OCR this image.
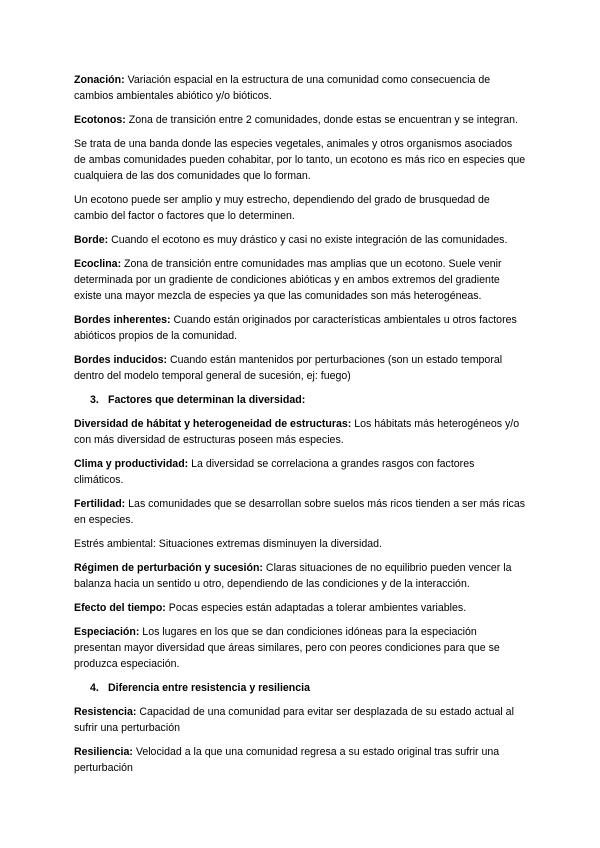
Zonación: Variación espacial en la estructura de una comunidad como consecuencia de cambios ambientales abiótico y/o bióticos.

Ecotonos: Zona de transición entre 2 comunidades, donde estas se encuentran y se integran.

Se trata de una banda donde las especies vegetales, animales y otros organismos asociados de ambas comunidades pueden cohabitar, por lo tanto, un ecotono es más rico en especies que cualquiera de las dos comunidades que lo forman.

Un ecotono puede ser amplio y muy estrecho, dependiendo del grado de brusquedad de cambio del factor o factores que lo determinen.

Borde: Cuando el ecotono es muy drástico y casi no existe integración de las comunidades.

Ecoclina: Zona de transición entre comunidades mas amplias que un ecotono. Suele venir determinada por un gradiente de condiciones abióticas y en ambos extremos del gradiente existe una mayor mezcla de especies ya que las comunidades son más heterogéneas.

Bordes inherentes: Cuando están originados por características ambientales u otros factores abióticos propios de la comunidad.

Bordes inducidos: Cuando están mantenidos por perturbaciones (son un estado temporal dentro del modelo temporal general de sucesión, ej: fuego)

3. Factores que determinan la diversidad:

Diversidad de hábitat y heterogeneidad de estructuras: Los hábitats más heterogéneos y/o con más diversidad de estructuras poseen más especies.

Clima y productividad: La diversidad se correlaciona a grandes rasgos con factores climáticos.

Fertilidad: Las comunidades que se desarrollan sobre suelos más ricos tienden a ser más ricas en especies.

Estrés ambiental: Situaciones extremas disminuyen la diversidad.

Régimen de perturbación y sucesión: Claras situaciones de no equilibrio pueden vencer la balanza hacia un sentido u otro, dependiendo de las condiciones y de la interacción.

Efecto del tiempo: Pocas especies están adaptadas a tolerar ambientes variables.

Especiación: Los lugares en los que se dan condiciones idóneas para la especiación presentan mayor diversidad que áreas similares, pero con peores condiciones para que se produzca especiación.

4. Diferencia entre resistencia y resiliencia

Resistencia: Capacidad de una comunidad para evitar ser desplazada de su estado actual al sufrir una perturbación

Resiliencia: Velocidad a la que una comunidad regresa a su estado original tras sufrir una perturbación
